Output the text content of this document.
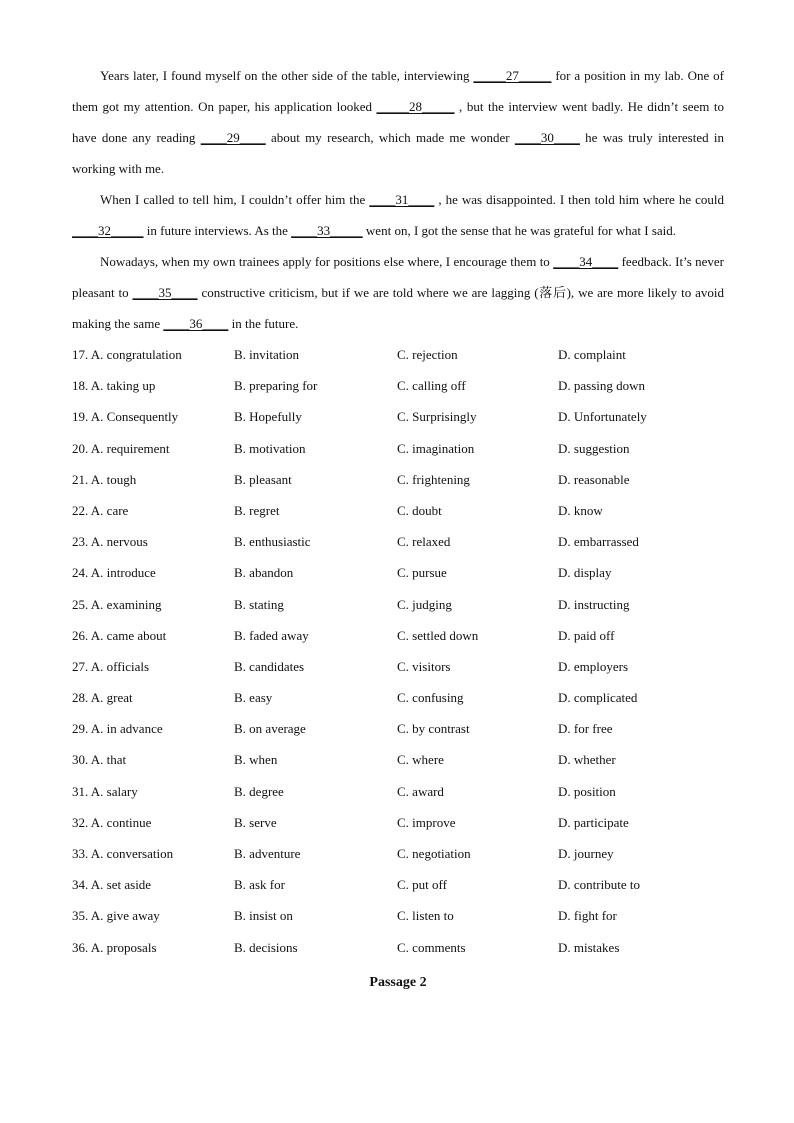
Years later, I found myself on the other side of the table, interviewing _____27_____ for a position in my lab. One of them got my attention. On paper, his application looked _____28_____ , but the interview went badly. He didn’t seem to have done any reading ____29____ about my research, which made me wonder ____30____ he was truly interested in working with me.

When I called to tell him, I couldn’t offer him the ____31____ , he was disappointed. I then told him where he could ____32_____ in future interviews. As the ____33_____ went on, I got the sense that he was grateful for what I said.

Nowadays, when my own trainees apply for positions else where, I encourage them to ____34____ feedback. It’s never pleasant to ____35____ constructive criticism, but if we are told where we are lagging (落后), we are more likely to avoid making the same ____36____ in the future.

17. A. congratulation	B. invitation	C. rejection	D. complaint
18. A. taking up	B. preparing for	C. calling off	D. passing down
19. A. Consequently	B. Hopefully	C. Surprisingly	D. Unfortunately
20. A. requirement	B. motivation	C. imagination	D. suggestion
21. A. tough	B. pleasant	C. frightening	D. reasonable
22. A. care	B. regret	C. doubt	D. know
23. A. nervous	B. enthusiastic	C. relaxed	D. embarrassed
24. A. introduce	B. abandon	C. pursue	D. display
25. A. examining	B. stating	C. judging	D. instructing
26. A. came about	B. faded away	C. settled down	D. paid off
27. A. officials	B. candidates	C. visitors	D. employers
28. A. great	B. easy	C. confusing	D. complicated
29. A. in advance	B. on average	C. by contrast	D. for free
30. A. that	B. when	C. where	D. whether
31. A. salary	B. degree	C. award	D. position
32. A. continue	B. serve	C. improve	D. participate
33. A. conversation	B. adventure	C. negotiation	D. journey
34. A. set aside	B. ask for	C. put off	D. contribute to
35. A. give away	B. insist on	C. listen to	D. fight for
36. A. proposals	B. decisions	C. comments	D. mistakes
Passage 2
